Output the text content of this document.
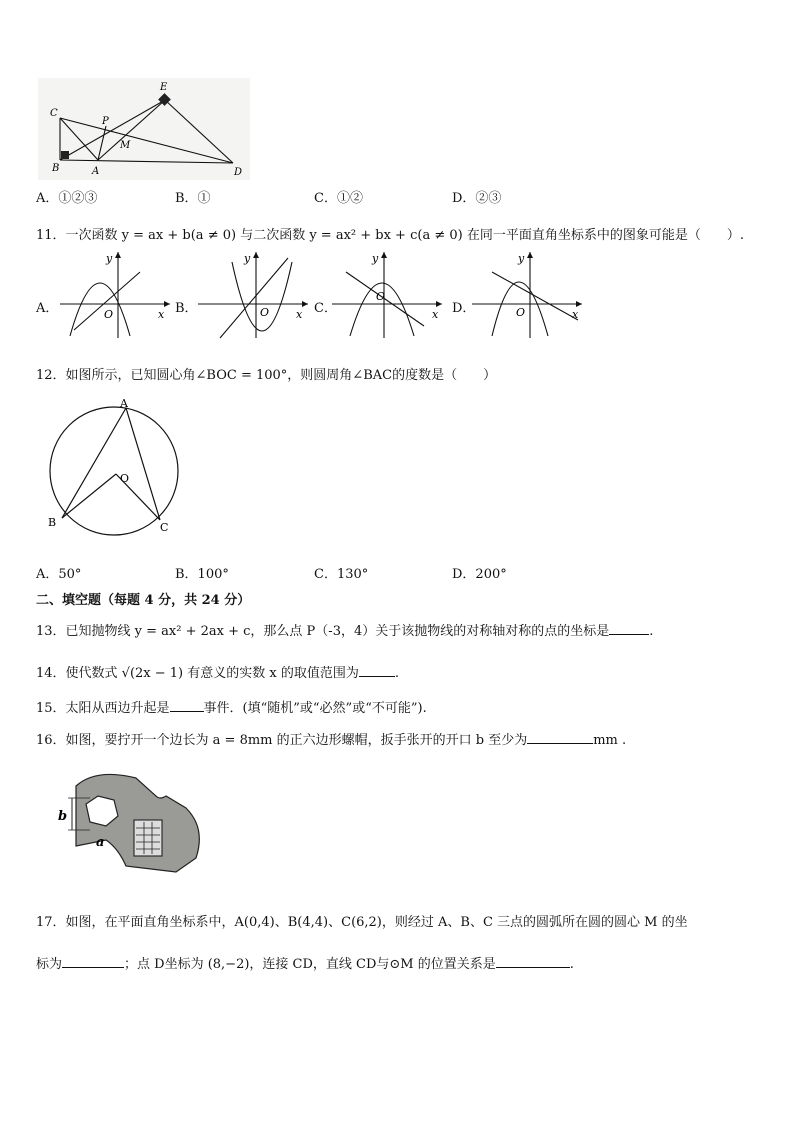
C
E
P
M
B	A	D
A．①②③	B．①	C．①②	D．②③
11．一次函数 y = ax + b(a ≠ 0) 与二次函数 y = ax² + bx + c(a ≠ 0) 在同一平面直角坐标系中的图象可能是（　　）.
A．	B．	C．	D．
x
y
O	x
y
O	x
y
O
x
y
O
12．如图所示，已知圆心角∠BOC = 100°，则圆周角∠BAC的度数是（　　）
A
O
B	C
A．50°	B．100°	C．130°	D．200°
二、填空题（每题 4 分，共 24 分）
13．已知抛物线 y = ax² + 2ax + c，那么点 P（-3，4）关于该抛物线的对称轴对称的点的坐标是	.
14．使代数式 √(2x − 1) 有意义的实数 x 的取值范围为	.
15．太阳从西边升起是	事件．(填“随机”或“必然”或“不可能”).
16．如图，要拧开一个边长为 a = 8mm 的正六边形螺帽，扳手张开的开口 b 至少为	mm .
b
a
17．如图，在平面直角坐标系中，A(0,4)、B(4,4)、C(6,2)，则经过 A、B、C 三点的圆弧所在圆的圆心 M 的坐
标为	；点 D坐标为 (8,−2)，连接 CD，直线 CD与⊙M 的位置关系是	.
